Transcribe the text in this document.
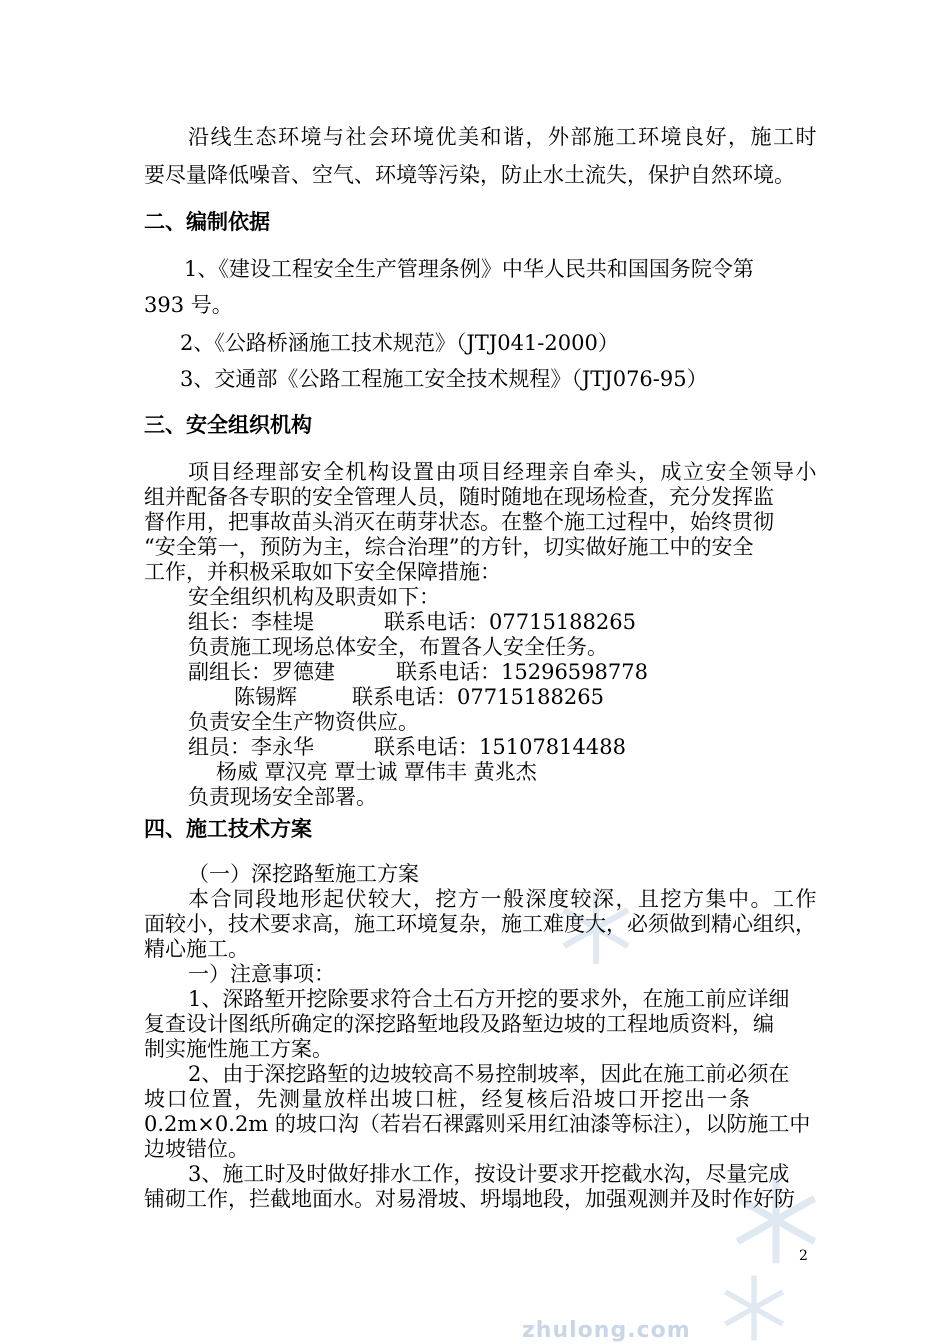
zhulong.com
沿线生态环境与社会环境优美和谐，外部施工环境良好，施工时
要尽量降低噪音、空气、环境等污染，防止水土流失，保护自然环境。
二、编制依据
1、《建设工程安全生产管理条例》中华人民共和国国务院令第
393 号。
2、《公路桥涵施工技术规范》（JTJ041-2000）
3、交通部《公路工程施工安全技术规程》（JTJ076-95）
三、安全组织机构
项目经理部安全机构设置由项目经理亲自牵头，成立安全领导小
组并配备各专职的安全管理人员，随时随地在现场检查，充分发挥监
督作用，把事故苗头消灭在萌芽状态。在整个施工过程中，始终贯彻
“安全第一，预防为主，综合治理”的方针，切实做好施工中的安全
工作，并积极采取如下安全保障措施：
安全组织机构及职责如下：
组长：李桂堤	联系电话：07715188265
负责施工现场总体安全，布置各人安全任务。
副组长：罗德建	联系电话：15296598778
陈锡辉	联系电话：07715188265
负责安全生产物资供应。
组员：李永华	联系电话：15107814488
杨威 覃汉亮 覃士诚 覃伟丰 黄兆杰
负责现场安全部署。
四、施工技术方案
（一）深挖路堑施工方案
本合同段地形起伏较大，挖方一般深度较深，且挖方集中。工作
面较小，技术要求高，施工环境复杂，施工难度大，必须做到精心组织，
精心施工。
一）注意事项：
1、深路堑开挖除要求符合土石方开挖的要求外，在施工前应详细
复查设计图纸所确定的深挖路堑地段及路堑边坡的工程地质资料，编
制实施性施工方案。
2、由于深挖路堑的边坡较高不易控制坡率，因此在施工前必须在
坡口位置，先测量放样出坡口桩，经复核后沿坡口开挖出一条
0.2m×0.2m 的坡口沟（若岩石裸露则采用红油漆等标注），以防施工中
边坡错位。
3、施工时及时做好排水工作，按设计要求开挖截水沟，尽量完成
铺砌工作，拦截地面水。对易滑坡、坍塌地段，加强观测并及时作好防
2
